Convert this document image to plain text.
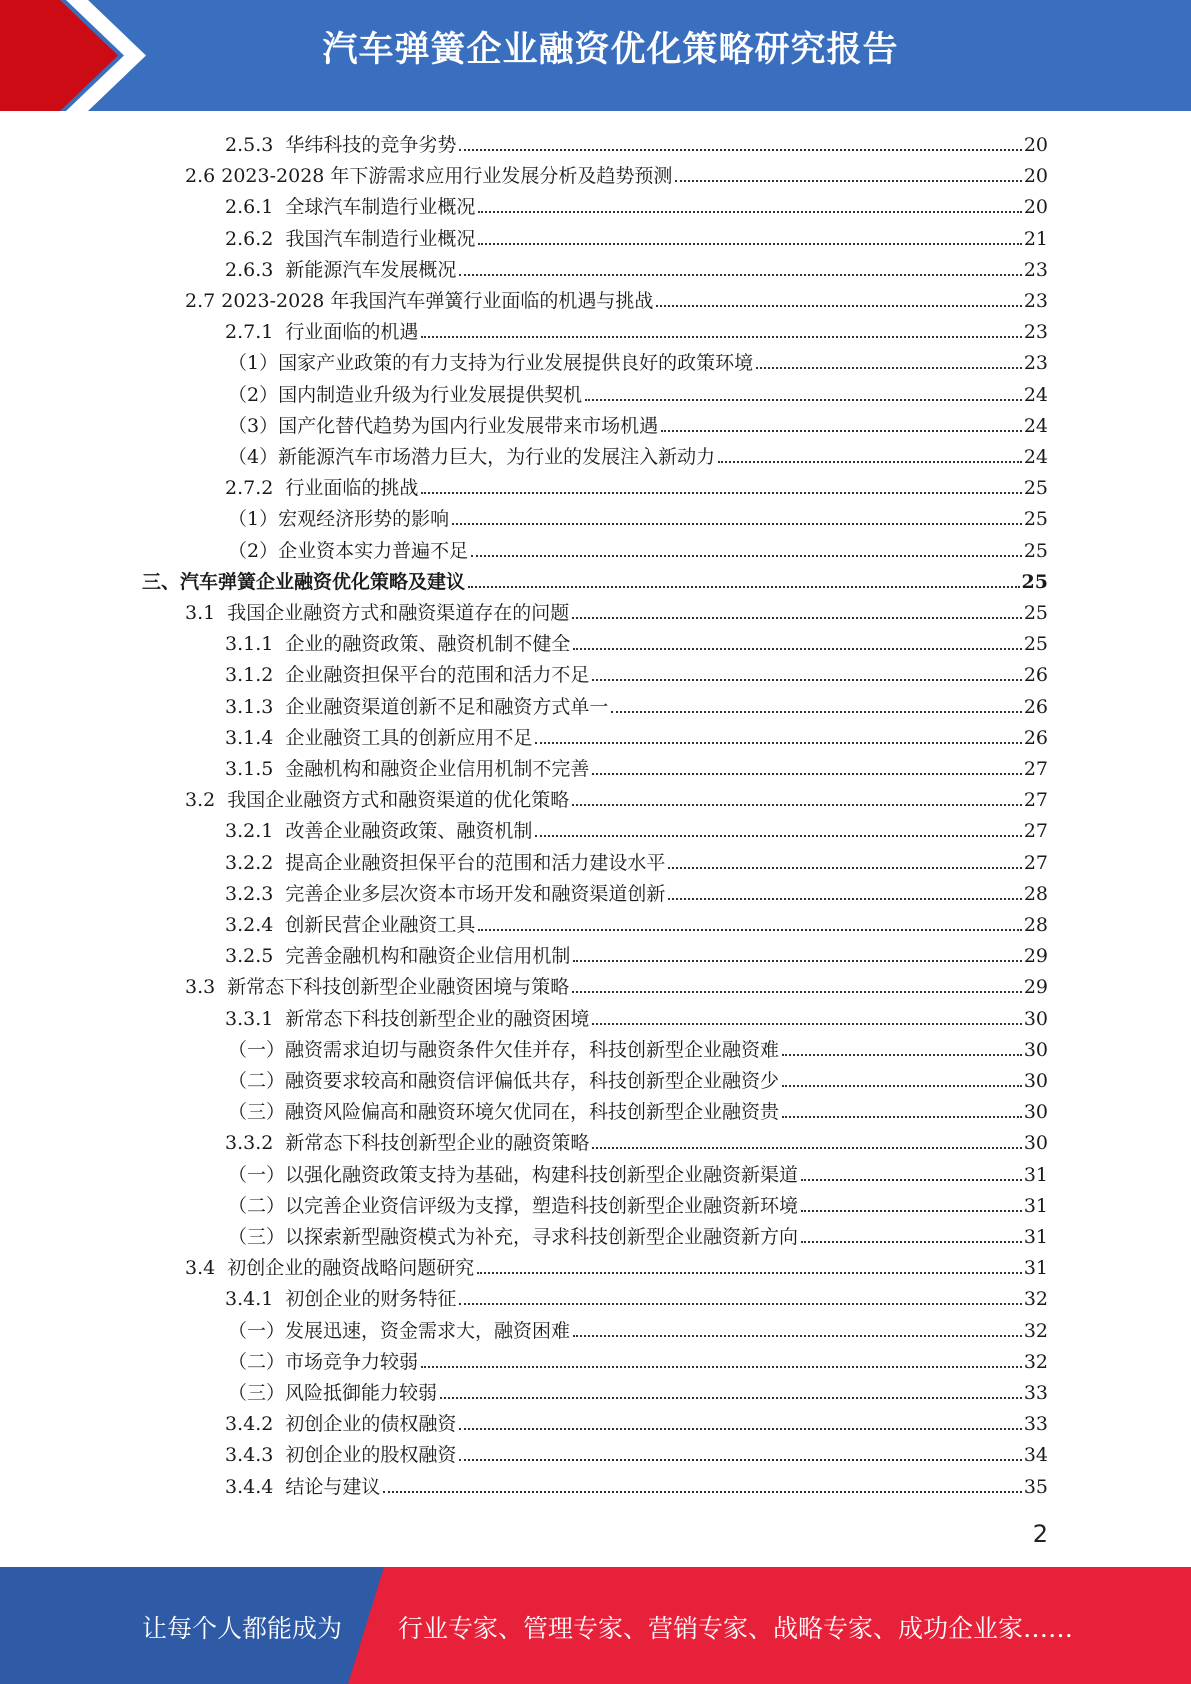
汽车弹簧企业融资优化策略研究报告
2.5.3  华纬科技的竞争劣势	20
2.6 2023-2028 年下游需求应用行业发展分析及趋势预测	20
2.6.1  全球汽车制造行业概况	20
2.6.2  我国汽车制造行业概况	21
2.6.3  新能源汽车发展概况	23
2.7 2023-2028 年我国汽车弹簧行业面临的机遇与挑战	23
2.7.1  行业面临的机遇	23
（1）国家产业政策的有力支持为行业发展提供良好的政策环境	23
（2）国内制造业升级为行业发展提供契机	24
（3）国产化替代趋势为国内行业发展带来市场机遇	24
（4）新能源汽车市场潜力巨大，为行业的发展注入新动力	24
2.7.2  行业面临的挑战	25
（1）宏观经济形势的影响	25
（2）企业资本实力普遍不足	25
三、汽车弹簧企业融资优化策略及建议	25
3.1  我国企业融资方式和融资渠道存在的问题	25
3.1.1  企业的融资政策、融资机制不健全	25
3.1.2  企业融资担保平台的范围和活力不足	26
3.1.3  企业融资渠道创新不足和融资方式单一	26
3.1.4  企业融资工具的创新应用不足	26
3.1.5  金融机构和融资企业信用机制不完善	27
3.2  我国企业融资方式和融资渠道的优化策略	27
3.2.1  改善企业融资政策、融资机制	27
3.2.2  提高企业融资担保平台的范围和活力建设水平	27
3.2.3  完善企业多层次资本市场开发和融资渠道创新	28
3.2.4  创新民营企业融资工具	28
3.2.5  完善金融机构和融资企业信用机制	29
3.3  新常态下科技创新型企业融资困境与策略	29
3.3.1  新常态下科技创新型企业的融资困境	30
（一）融资需求迫切与融资条件欠佳并存，科技创新型企业融资难	30
（二）融资要求较高和融资信评偏低共存，科技创新型企业融资少	30
（三）融资风险偏高和融资环境欠优同在，科技创新型企业融资贵	30
3.3.2  新常态下科技创新型企业的融资策略	30
（一）以强化融资政策支持为基础，构建科技创新型企业融资新渠道	31
（二）以完善企业资信评级为支撑，塑造科技创新型企业融资新环境	31
（三）以探索新型融资模式为补充，寻求科技创新型企业融资新方向	31
3.4  初创企业的融资战略问题研究	31
3.4.1  初创企业的财务特征	32
（一）发展迅速，资金需求大，融资困难	32
（二）市场竞争力较弱	32
（三）风险抵御能力较弱	33
3.4.2  初创企业的债权融资	33
3.4.3  初创企业的股权融资	34
3.4.4  结论与建议	35
2
让每个人都能成为 行业专家、管理专家、营销专家、战略专家、成功企业家……
